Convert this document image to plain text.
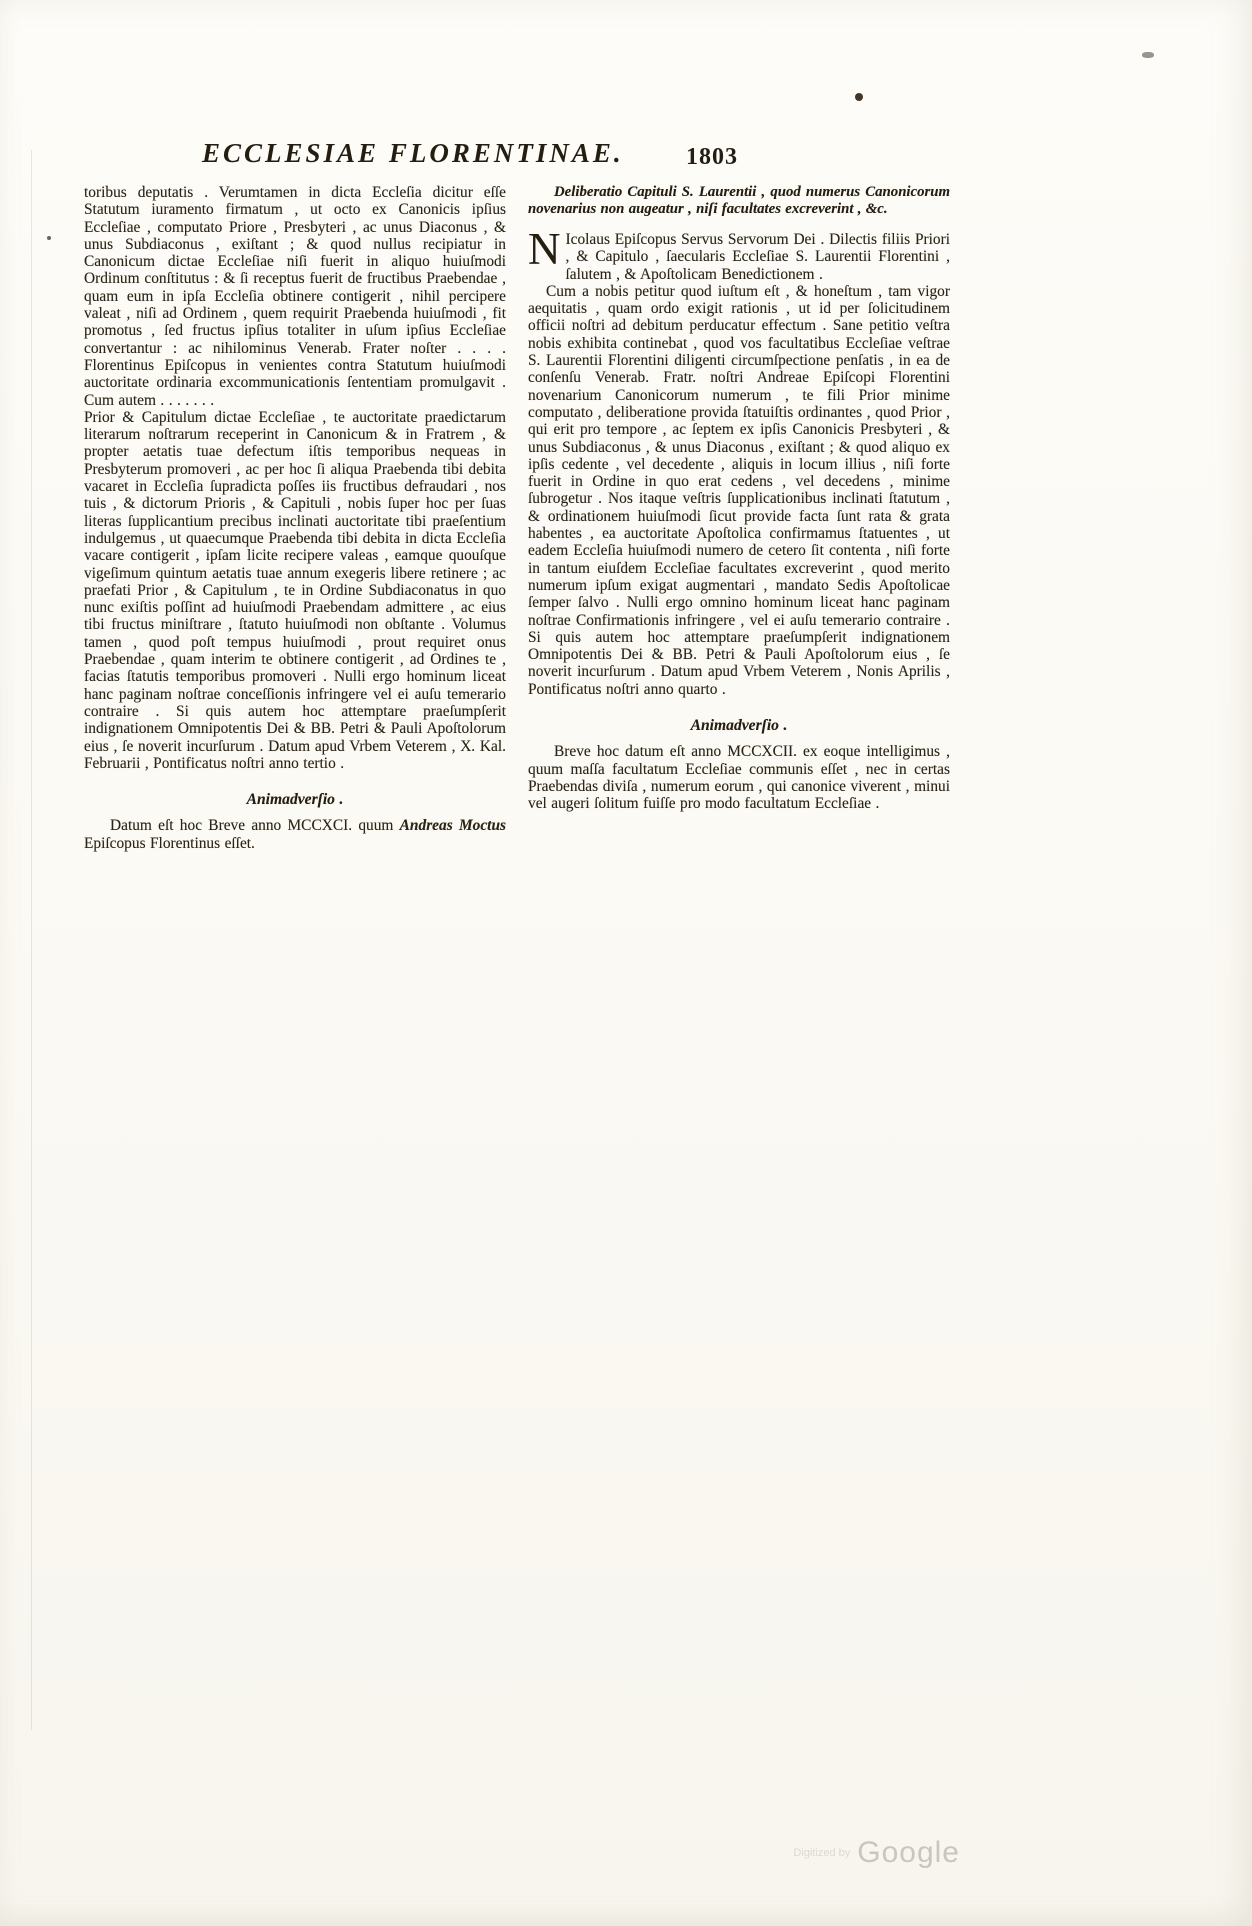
ECCLESIAE FLORENTINAE.	1803

toribus deputatis . Verumtamen in dicta Eccleſia dicitur eſſe Statutum iuramento firmatum , ut octo ex Canonicis ipſius Eccleſiae , computato Priore , Presbyteri , ac unus Diaconus , & unus Subdiaconus , exiſtant ; & quod nullus recipiatur in Canonicum dictae Eccleſiae niſi fuerit in aliquo huiuſmodi Ordinum conſtitutus : & ſi receptus fuerit de fructibus Praebendae , quam eum in ipſa Eccleſia obtinere contigerit , nihil percipere valeat , niſi ad Ordinem , quem requirit Praebenda huiuſmodi , fit promotus , ſed fructus ipſius totaliter in uſum ipſius Eccleſiae convertantur : ac nihilominus Venerab. Frater noſter . . . . Florentinus Epiſcopus in venientes contra Statutum huiuſmodi auctoritate ordinaria excommunicationis ſententiam promulgavit . Cum autem . . . . . . .

Prior & Capitulum dictae Eccleſiae , te auctoritate praedictarum literarum noſtrarum receperint in Canonicum & in Fratrem , & propter aetatis tuae defectum iſtis temporibus nequeas in Presbyterum promoveri , ac per hoc ſi aliqua Praebenda tibi debita vacaret in Eccleſia ſupradicta poſſes iis fructibus defraudari , nos tuis , & dictorum Prioris , & Capituli , nobis ſuper hoc per ſuas literas ſupplicantium precibus inclinati auctoritate tibi praeſentium indulgemus , ut quaecumque Praebenda tibi debita in dicta Eccleſia vacare contigerit , ipſam licite recipere valeas , eamque quouſque vigeſimum quintum aetatis tuae annum exegeris libere retinere ; ac praefati Prior , & Capitulum , te in Ordine Subdiaconatus in quo nunc exiſtis poſſint ad huiuſmodi Praebendam admittere , ac eius tibi fructus miniſtrare , ſtatuto huiuſmodi non obſtante . Volumus tamen , quod poſt tempus huiuſmodi , prout requiret onus Praebendae , quam interim te obtinere contigerit , ad Ordines te , facias ſtatutis temporibus promoveri . Nulli ergo hominum liceat hanc paginam noſtrae conceſſionis infringere vel ei auſu temerario contraire . Si quis autem hoc attemptare praeſumpſerit indignationem Omnipotentis Dei & BB. Petri & Pauli Apoſtolorum eius , ſe noverit incurſurum . Datum apud Vrbem Veterem , X. Kal. Februarii , Pontificatus noſtri anno tertio .

Animadverſio .

Datum eſt hoc Breve anno MCCXCI. quum Andreas Moctus Epiſcopus Florentinus eſſet.

Deliberatio Capituli S. Laurentii , quod numerus Canonicorum novenarius non augeatur , niſi facultates excreverint , &c.

N Icolaus Epiſcopus Servus Servorum Dei . Dilectis filiis Priori , & Capitulo , ſaecularis Eccleſiae S. Laurentii Florentini , ſalutem , & Apoſtolicam Benedictionem .

Cum a nobis petitur quod iuſtum eſt , & honeſtum , tam vigor aequitatis , quam ordo exigit rationis , ut id per ſolicitudinem officii noſtri ad debitum perducatur effectum . Sane petitio veſtra nobis exhibita continebat , quod vos facultatibus Eccleſiae veſtrae S. Laurentii Florentini diligenti circumſpectione penſatis , in ea de conſenſu Venerab. Fratr. noſtri Andreae Epiſcopi Florentini novenarium Canonicorum numerum , te fili Prior minime computato , deliberatione provida ſtatuiſtis ordinantes , quod Prior , qui erit pro tempore , ac ſeptem ex ipſis Canonicis Presbyteri , & unus Subdiaconus , & unus Diaconus , exiſtant ; & quod aliquo ex ipſis cedente , vel decedente , aliquis in locum illius , niſi forte fuerit in Ordine in quo erat cedens , vel decedens , minime ſubrogetur . Nos itaque veſtris ſupplicationibus inclinati ſtatutum , & ordinationem huiuſmodi ſicut provide facta ſunt rata & grata habentes , ea auctoritate Apoſtolica confirmamus ſtatuentes , ut eadem Eccleſia huiuſmodi numero de cetero ſit contenta , niſi forte in tantum eiuſdem Eccleſiae facultates excreverint , quod merito numerum ipſum exigat augmentari , mandato Sedis Apoſtolicae ſemper ſalvo . Nulli ergo omnino hominum liceat hanc paginam noſtrae Confirmationis infringere , vel ei auſu temerario contraire . Si quis autem hoc attemptare praeſumpſerit indignationem Omnipotentis Dei & BB. Petri & Pauli Apoſtolorum eius , ſe noverit incurſurum . Datum apud Vrbem Veterem , Nonis Aprilis , Pontificatus noſtri anno quarto .

Animadverſio .

Breve hoc datum eſt anno MCCXCII. ex eoque intelligimus , quum maſſa facultatum Eccleſiae communis eſſet , nec in certas Praebendas diviſa , numerum eorum , qui canonice viverent , minui vel augeri ſolitum fuiſſe pro modo facultatum Eccleſiae .

$^{Digitized by}$ Google
